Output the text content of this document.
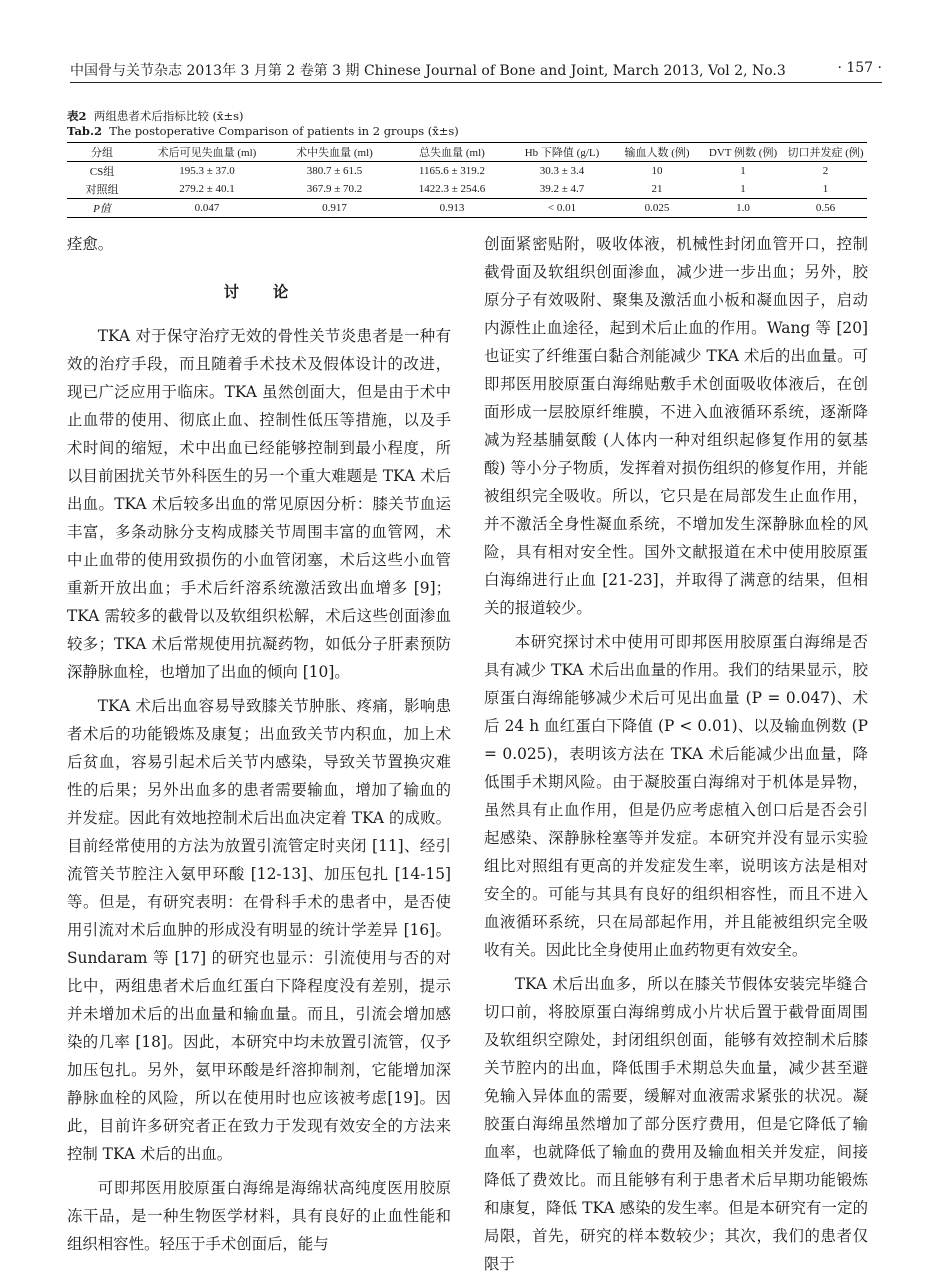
中国骨与关节杂志 2013年 3 月第 2 卷第 3 期 Chinese Journal of Bone and Joint, March 2013, Vol 2, No.3	· 157 ·
表2 两组患者术后指标比较 (x̄±s)
Tab.2 The postoperative Comparison of patients in 2 groups (x̄±s)
分组	术后可见失血量 (ml)	术中失血量 (ml)	总失血量 (ml)	Hb 下降值 (g/L)	输血人数 (例)	DVT 例数 (例)	切口并发症 (例)
CS组	195.3 ± 37.0	380.7 ± 61.5	1165.6 ± 319.2	30.3 ± 3.4	10	1	2
对照组	279.2 ± 40.1	367.9 ± 70.2	1422.3 ± 254.6	39.2 ± 4.7	21	1	1
P值	0.047	0.917	0.913	< 0.01	0.025	1.0	0.56

痊愈。

讨论

TKA 对于保守治疗无效的骨性关节炎患者是一种有效的治疗手段，而且随着手术技术及假体设计的改进，现已广泛应用于临床。TKA 虽然创面大，但是由于术中止血带的使用、彻底止血、控制性低压等措施，以及手术时间的缩短，术中出血已经能够控制到最小程度，所以目前困扰关节外科医生的另一个重大难题是 TKA 术后出血。TKA 术后较多出血的常见原因分析：膝关节血运丰富，多条动脉分支构成膝关节周围丰富的血管网，术中止血带的使用致损伤的小血管闭塞，术后这些小血管重新开放出血；手术后纤溶系统激活致出血增多 [9]；TKA 需较多的截骨以及软组织松解，术后这些创面渗血较多；TKA 术后常规使用抗凝药物，如低分子肝素预防深静脉血栓，也增加了出血的倾向 [10]。

TKA 术后出血容易导致膝关节肿胀、疼痛，影响患者术后的功能锻炼及康复；出血致关节内积血，加上术后贫血，容易引起术后关节内感染，导致关节置换灾难性的后果；另外出血多的患者需要输血，增加了输血的并发症。因此有效地控制术后出血决定着 TKA 的成败。目前经常使用的方法为放置引流管定时夹闭 [11]、经引流管关节腔注入氨甲环酸 [12-13]、加压包扎 [14-15] 等。但是，有研究表明：在骨科手术的患者中，是否使用引流对术后血肿的形成没有明显的统计学差异 [16]。Sundaram 等 [17] 的研究也显示：引流使用与否的对比中，两组患者术后血红蛋白下降程度没有差别，提示并未增加术后的出血量和输血量。而且，引流会增加感染的几率 [18]。因此，本研究中均未放置引流管，仅予加压包扎。另外，氨甲环酸是纤溶抑制剂，它能增加深静脉血栓的风险，所以在使用时也应该被考虑[19]。因此，目前许多研究者正在致力于发现有效安全的方法来控制 TKA 术后的出血。

可即邦医用胶原蛋白海绵是海绵状高纯度医用胶原冻干品，是一种生物医学材料，具有良好的止血性能和组织相容性。轻压于手术创面后，能与

创面紧密贴附，吸收体液，机械性封闭血管开口，控制截骨面及软组织创面渗血，减少进一步出血；另外，胶原分子有效吸附、聚集及激活血小板和凝血因子，启动内源性止血途径，起到术后止血的作用。Wang 等 [20] 也证实了纤维蛋白黏合剂能减少 TKA 术后的出血量。可即邦医用胶原蛋白海绵贴敷手术创面吸收体液后，在创面形成一层胶原纤维膜，不进入血液循环系统，逐渐降减为羟基脯氨酸 (人体内一种对组织起修复作用的氨基酸) 等小分子物质，发挥着对损伤组织的修复作用，并能被组织完全吸收。所以，它只是在局部发生止血作用，并不激活全身性凝血系统，不增加发生深静脉血栓的风险，具有相对安全性。国外文献报道在术中使用胶原蛋白海绵进行止血 [21-23]，并取得了满意的结果，但相关的报道较少。

本研究探讨术中使用可即邦医用胶原蛋白海绵是否具有减少 TKA 术后出血量的作用。我们的结果显示，胶原蛋白海绵能够减少术后可见出血量 (P = 0.047)、术后 24 h 血红蛋白下降值 (P < 0.01)、以及输血例数 (P = 0.025)，表明该方法在 TKA 术后能减少出血量，降低围手术期风险。由于凝胶蛋白海绵对于机体是异物，虽然具有止血作用，但是仍应考虑植入创口后是否会引起感染、深静脉栓塞等并发症。本研究并没有显示实验组比对照组有更高的并发症发生率，说明该方法是相对安全的。可能与其具有良好的组织相容性，而且不进入血液循环系统，只在局部起作用，并且能被组织完全吸收有关。因此比全身使用止血药物更有效安全。

TKA 术后出血多，所以在膝关节假体安装完毕缝合切口前，将胶原蛋白海绵剪成小片状后置于截骨面周围及软组织空隙处，封闭组织创面，能够有效控制术后膝关节腔内的出血，降低围手术期总失血量，减少甚至避免输入异体血的需要，缓解对血液需求紧张的状况。凝胶蛋白海绵虽然增加了部分医疗费用，但是它降低了输血率，也就降低了输血的费用及输血相关并发症，间接降低了费效比。而且能够有利于患者术后早期功能锻炼和康复，降低 TKA 感染的发生率。但是本研究有一定的局限，首先，研究的样本数较少；其次，我们的患者仅限于
